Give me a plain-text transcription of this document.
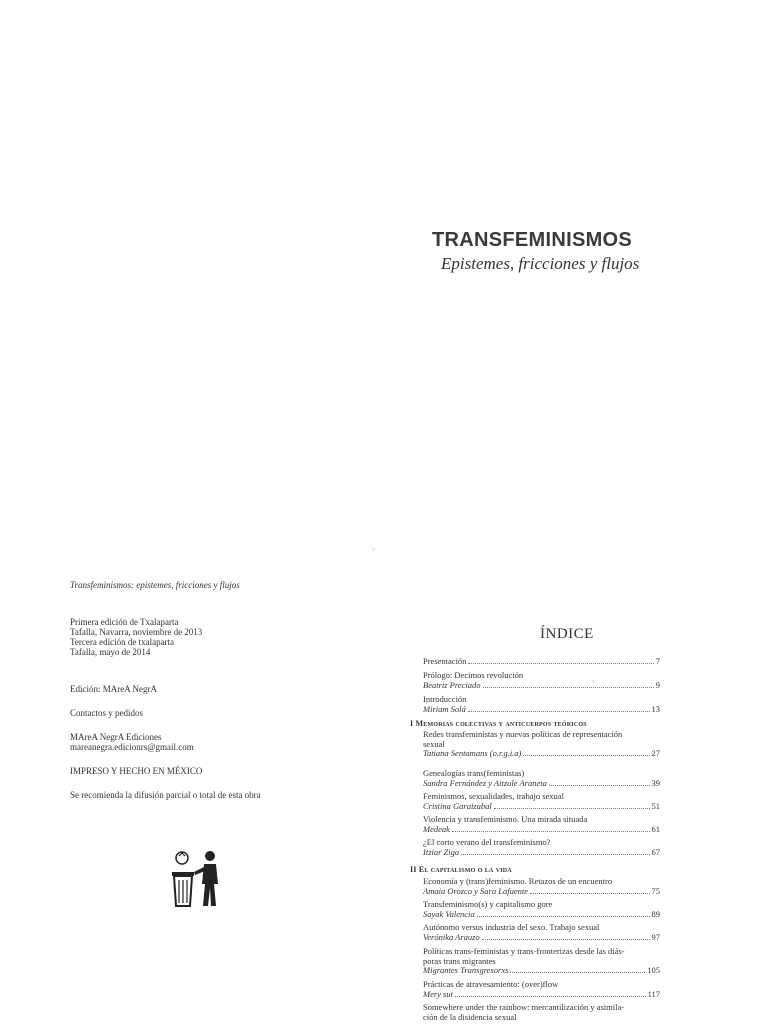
TRANSFEMINISMOS
Epistemes, fricciones y flujos
Transfeminismos: epistemes, fricciones y flujos
Primera edición de Txalaparta
Tafalla, Navarra, noviembre de 2013
Tercera edición de txalaparta
Tafalla, mayo de 2014
Edición: MAreA NegrA
Contactos y pedidos
MAreA NegrA Ediciones
mareanegra.edicionrs@gmail.com
IMPRESO Y HECHO EN MÉXICO
Se recomienda la difusión parcial o total de esta obra
ÍNDICE
Presentación	7
Prólogo: Decimos revolución
Beatriz Preciado	9
Introducción
Miriam Solá	13
I Memorias colectivas y anticuerpos teóricos
Redes transfeministas y nuevas políticas de representación
sexual
Tatiana Sentamans (o.r.g.i.a)	27
Genealogías trans(feministas)
Sandra Fernández y Aitzole Araneta	39
Feminismos, sexualidades, trabajo sexual
Cristina Garaizabal	51
Violencia y transfeminismo. Una mirada situada
Medeak	61
¿El corto verano del transfeminismo?
Itziar Ziga	67
II El capitalismo o la vida
Economía y (trans)feminismo. Retazos de un encuentro
Amaia Orozco y Sara Lafuente	75
Transfeminismo(s) y capitalismo gore
Sayak Valencia	89
Autónomo versus industria del sexo. Trabajo sexual
Verónika Arauzo	97
Políticas trans-feministas y trans-fronterizas desde las diás-
poras trans migrantes
Migrantes Transgresorxs	105
Prácticas de atravesamiento: (over)flow
Mery sut	117
Somewhere under the rainbow: mercantilización y asimila-
ción de la disidencia sexual
